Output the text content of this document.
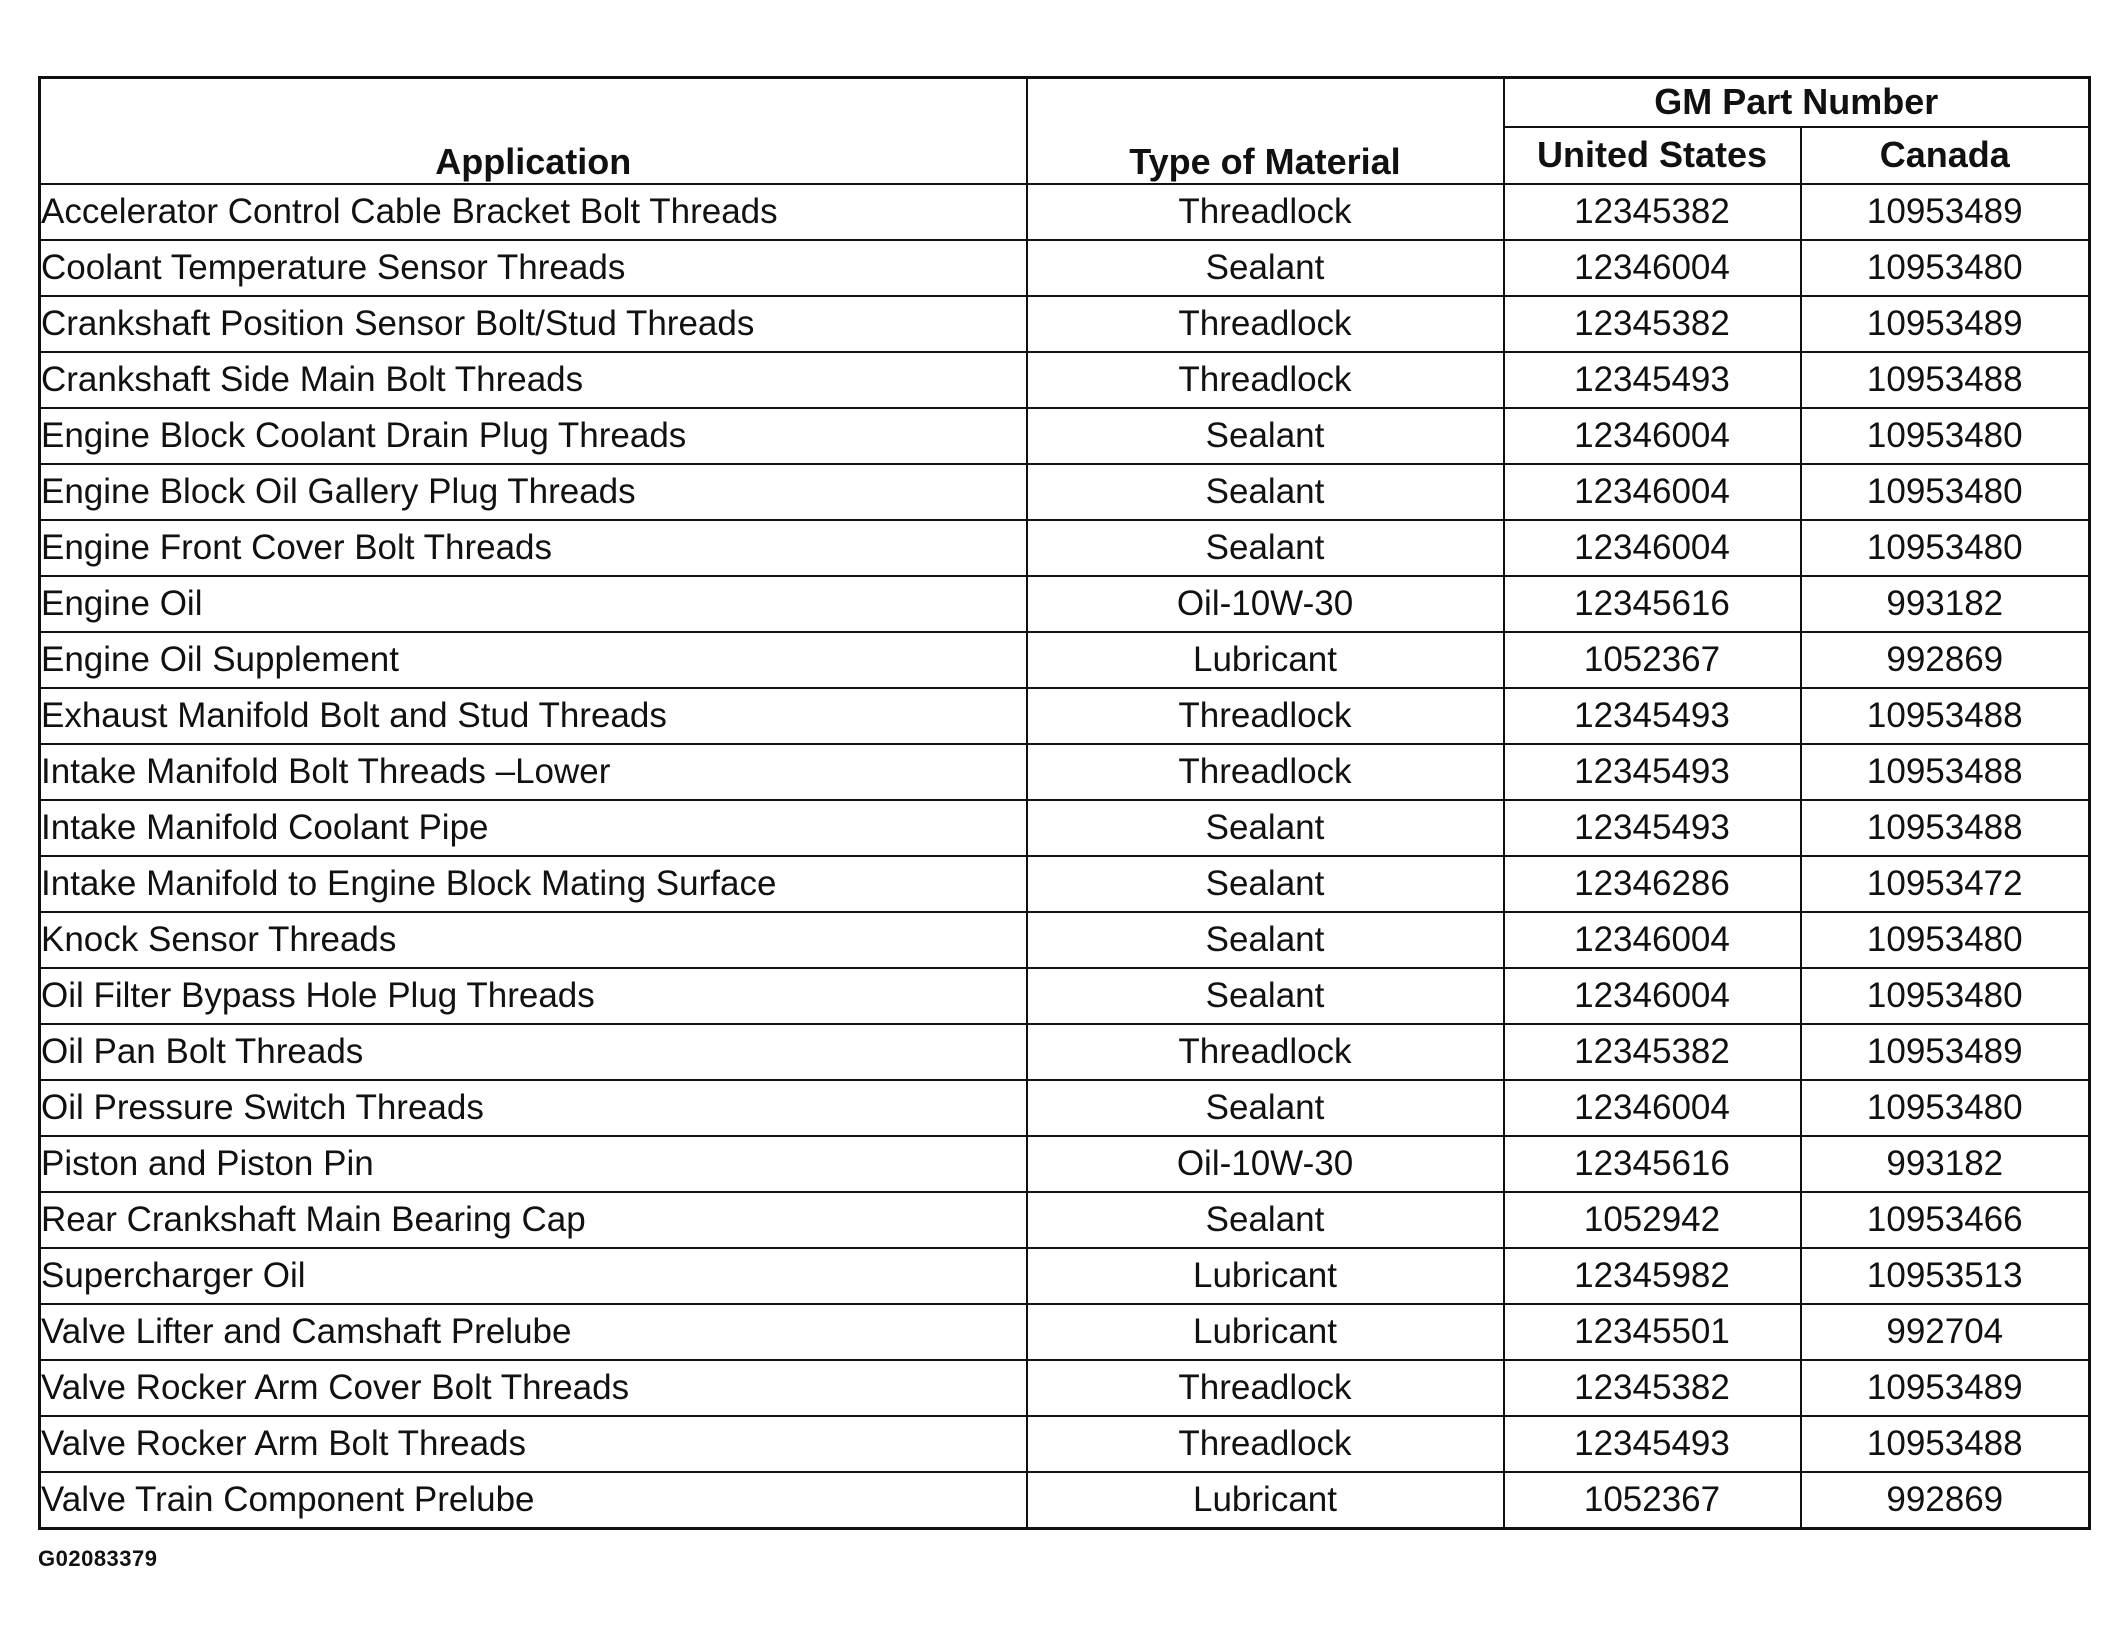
Application	Type of Material	GM Part Number	
		United States	Canada
Accelerator Control Cable Bracket Bolt Threads	Threadlock	12345382	10953489
Coolant Temperature Sensor Threads	Sealant	12346004	10953480
Crankshaft Position Sensor Bolt/Stud Threads	Threadlock	12345382	10953489
Crankshaft Side Main Bolt Threads	Threadlock	12345493	10953488
Engine Block Coolant Drain Plug Threads	Sealant	12346004	10953480
Engine Block Oil Gallery Plug Threads	Sealant	12346004	10953480
Engine Front Cover Bolt Threads	Sealant	12346004	10953480
Engine Oil	Oil-10W-30	12345616	993182
Engine Oil Supplement	Lubricant	1052367	992869
Exhaust Manifold Bolt and Stud Threads	Threadlock	12345493	10953488
Intake Manifold Bolt Threads –Lower	Threadlock	12345493	10953488
Intake Manifold Coolant Pipe	Sealant	12345493	10953488
Intake Manifold to Engine Block Mating Surface	Sealant	12346286	10953472
Knock Sensor Threads	Sealant	12346004	10953480
Oil Filter Bypass Hole Plug Threads	Sealant	12346004	10953480
Oil Pan Bolt Threads	Threadlock	12345382	10953489
Oil Pressure Switch Threads	Sealant	12346004	10953480
Piston and Piston Pin	Oil-10W-30	12345616	993182
Rear Crankshaft Main Bearing Cap	Sealant	1052942	10953466
Supercharger Oil	Lubricant	12345982	10953513
Valve Lifter and Camshaft Prelube	Lubricant	12345501	992704
Valve Rocker Arm Cover Bolt Threads	Threadlock	12345382	10953489
Valve Rocker Arm Bolt Threads	Threadlock	12345493	10953488
Valve Train Component Prelube	Lubricant	1052367	992869
G02083379
